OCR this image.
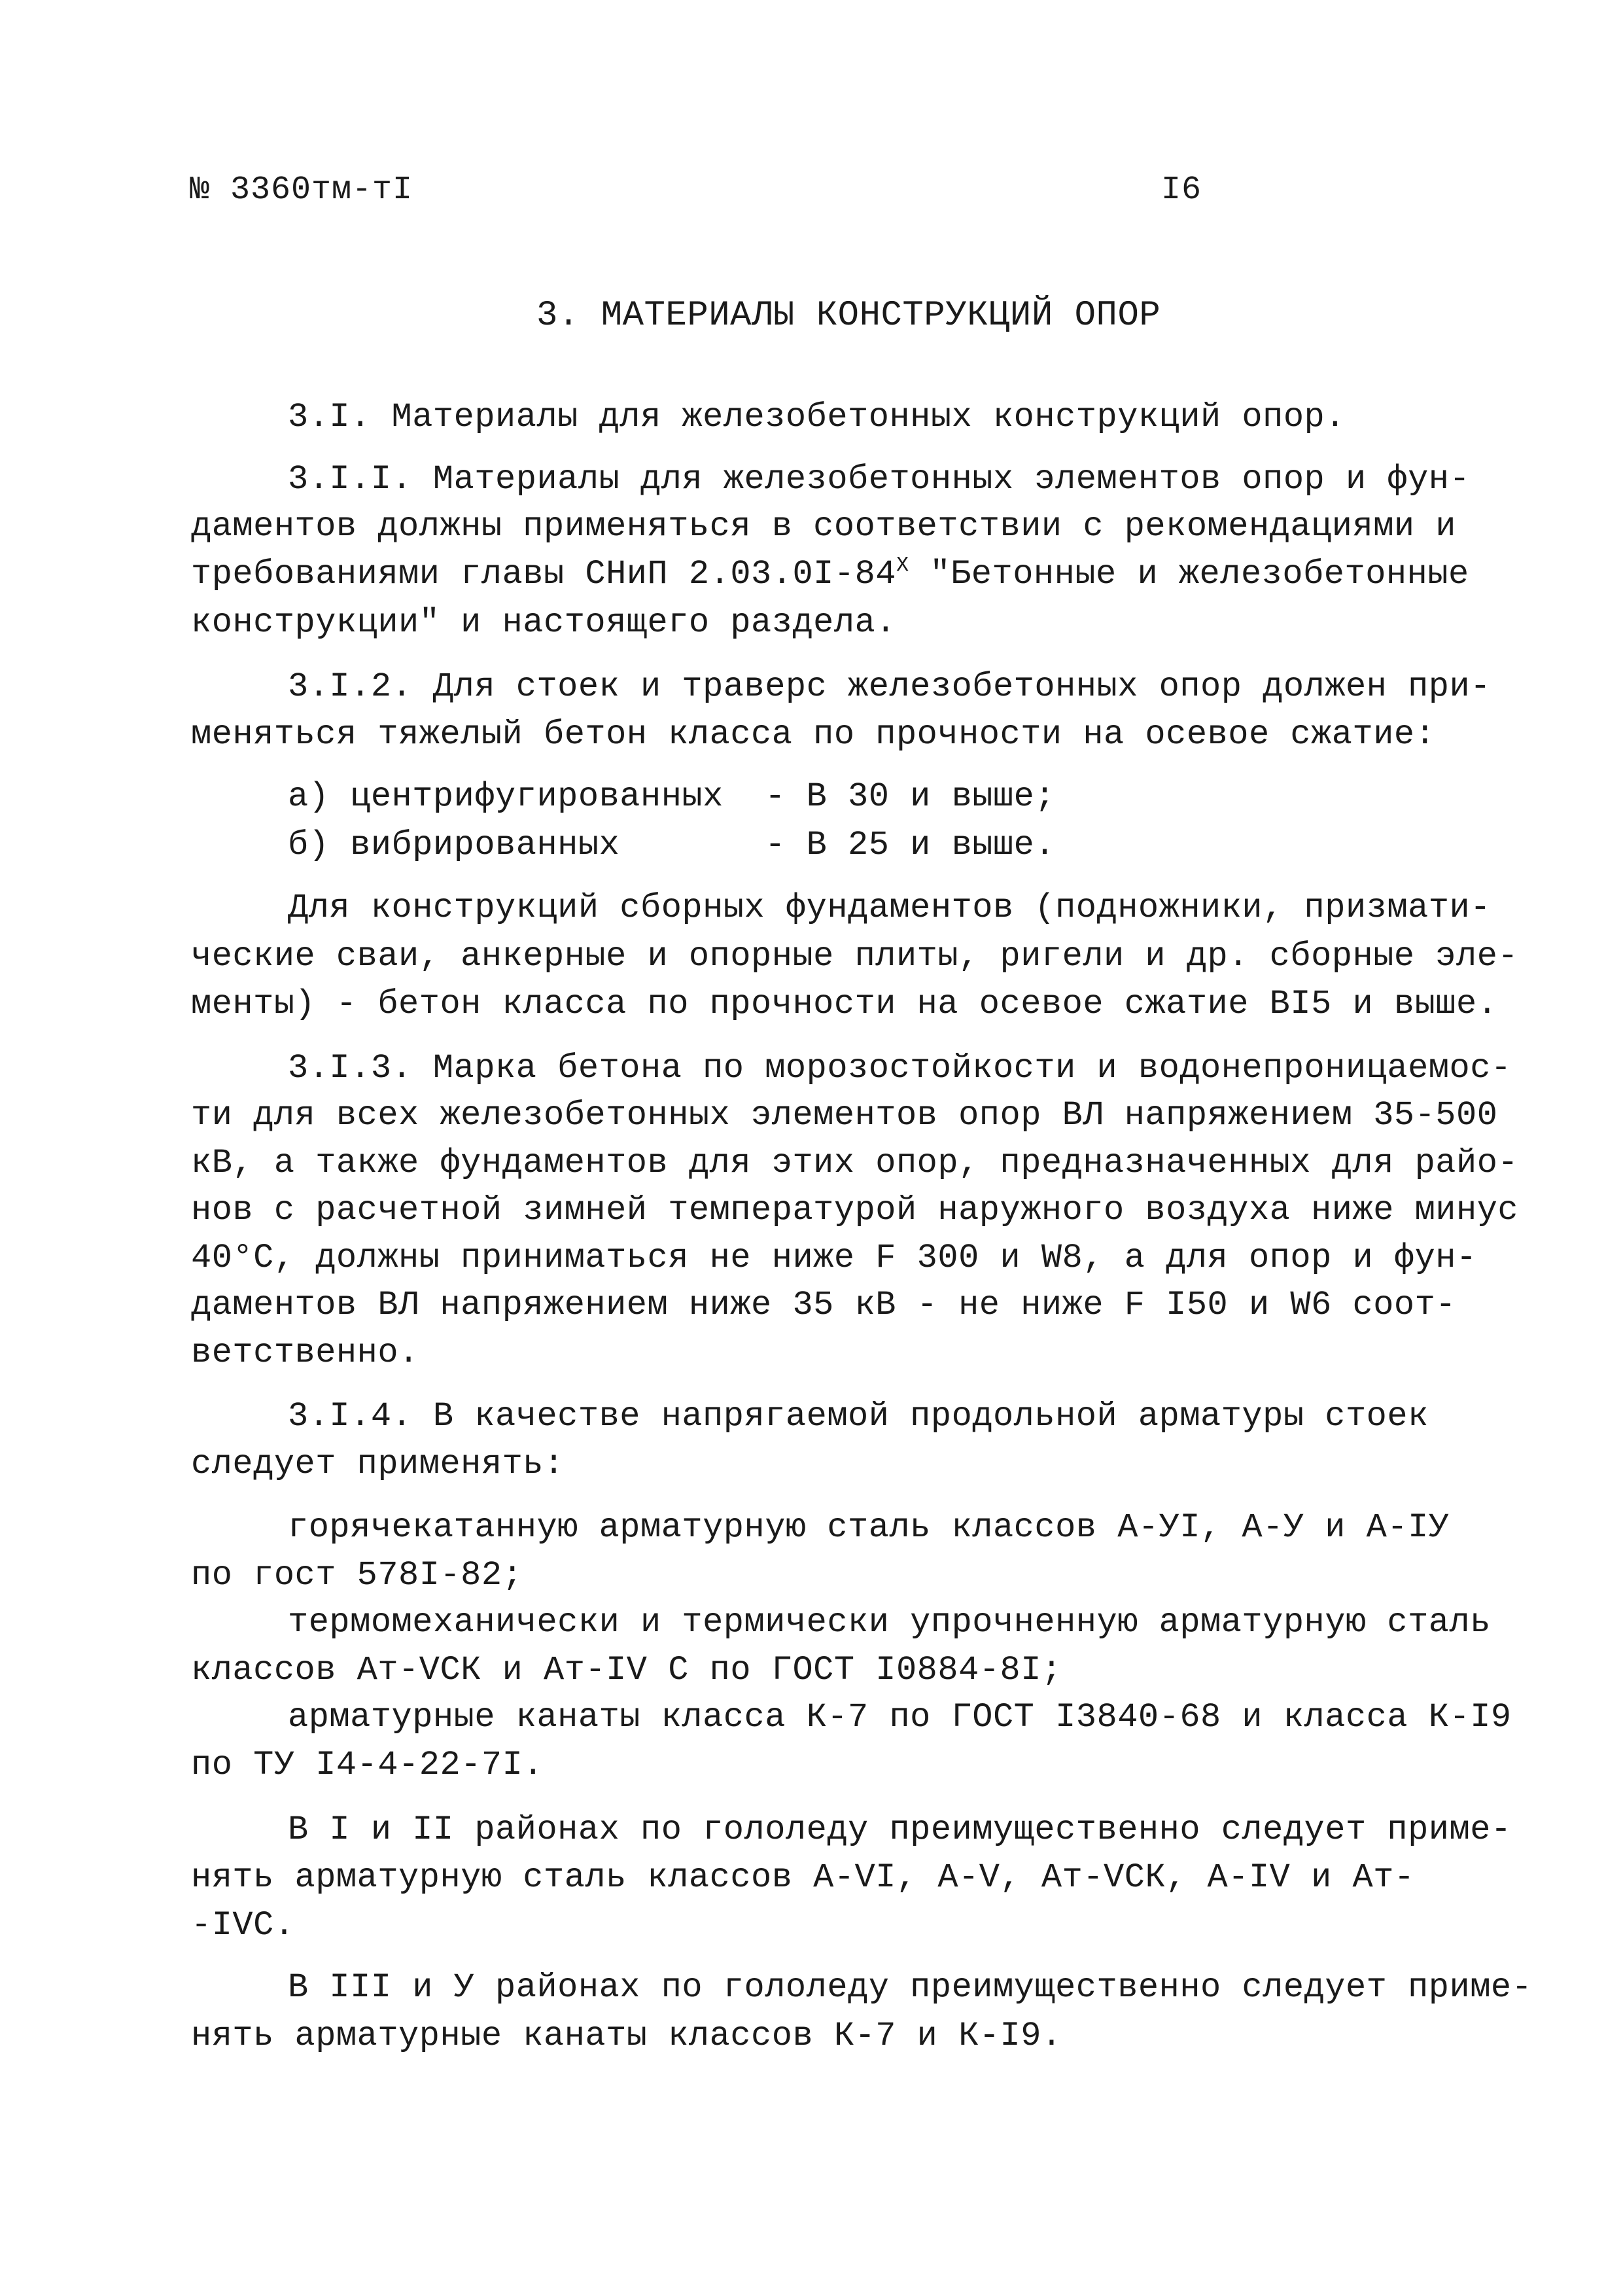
№ 3360тм-тI	I6
3. МАТЕРИАЛЫ КОНСТРУКЦИЙ ОПОР
3.I. Материалы для железобетонных конструкций опор.
3.I.I. Материалы для железобетонных элементов опор и фун-
даментов должны применяться в соответствии с рекомендациями и
требованиями главы СНиП $2.03.0I-84^Х$ "Бетонные и железобетонные
конструкции" и настоящего раздела.
3.I.2. Для стоек и траверс железобетонных опор должен при-
меняться тяжелый бетон класса по прочности на осевое сжатие:
а) центрифугированных  - В 30 и выше;
б) вибрированных       - В 25 и выше.
Для конструкций сборных фундаментов (подножники, призмати-
ческие сваи, анкерные и опорные плиты, ригели и др. сборные эле-
менты) - бетон класса по прочности на осевое сжатие BI5 и выше.
3.I.3. Марка бетона по морозостойкости и водонепроницаемос-
ти для всех железобетонных элементов опор ВЛ напряжением 35-500
кВ, а также фундаментов для этих опор, предназначенных для райо-
нов с расчетной зимней температурой наружного воздуха ниже минус
40°С, должны приниматься не ниже F 300 и W8, а для опор и фун-
даментов ВЛ напряжением ниже 35 кВ - не ниже F I50 и W6 соот-
ветственно.
3.I.4. В качестве напрягаемой продольной арматуры стоек
следует применять:
горячекатанную арматурную сталь классов А-УI, А-У и А-IУ
по гост 578I-82;
термомеханически и термически упрочненную арматурную сталь
классов Ат-VСК и Ат-IV С по ГОСТ I0884-8I;
арматурные канаты класса К-7 по ГОСТ I3840-68 и класса К-I9
по ТУ I4-4-22-7I.
В I и II районах по гололеду преимущественно следует приме-
нять арматурную сталь классов А-VI, А-V, Ат-VСК, А-IV и Ат-
-IVС.
В III и У районах по гололеду преимущественно следует приме-
нять арматурные канаты классов К-7 и К-I9.
